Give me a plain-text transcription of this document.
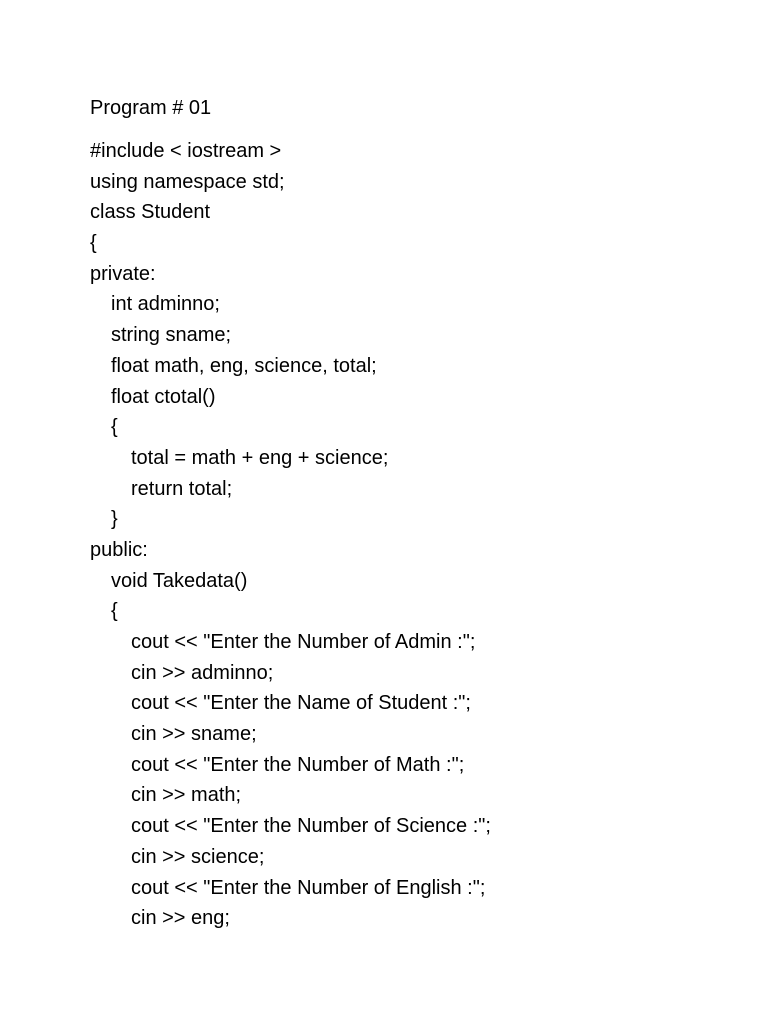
Program # 01
#include < iostream >
using namespace std;
class Student
{
private:
int adminno;
string sname;
float math, eng, science, total;
float ctotal()
{
total = math + eng + science;
return total;
}
public:
void Takedata()
{
cout << "Enter the Number of Admin :";
cin >> adminno;
cout << "Enter the Name of Student :";
cin >> sname;
cout << "Enter the Number of Math :";
cin >> math;
cout << "Enter the Number of Science :";
cin >> science;
cout << "Enter the Number of English :";
cin >> eng;
